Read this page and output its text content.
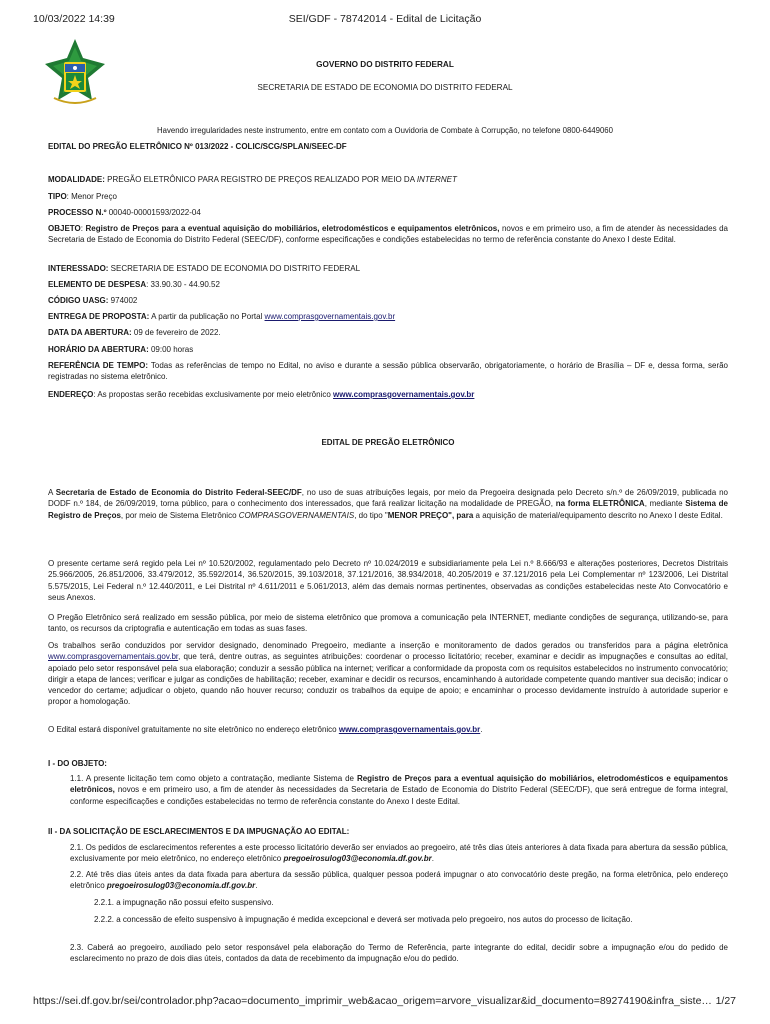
10/03/2022 14:39	SEI/GDF - 78742014 - Edital de Licitação
GOVERNO DO DISTRITO FEDERAL
SECRETARIA DE ESTADO DE ECONOMIA DO DISTRITO FEDERAL
Havendo irregularidades neste instrumento, entre em contato com a Ouvidoria de Combate à Corrupção, no telefone 0800-6449060
EDITAL DO PREGÃO ELETRÔNICO Nº 013/2022 - COLIC/SCG/SPLAN/SEEC-DF
MODALIDADE: PREGÃO ELETRÔNICO PARA REGISTRO DE PREÇOS REALIZADO POR MEIO DA INTERNET
TIPO: Menor Preço
PROCESSO N.º 00040-00001593/2022-04
OBJETO: Registro de Preços para a eventual aquisição do mobiliários, eletrodomésticos e equipamentos eletrônicos, novos e em primeiro uso, a fim de atender às necessidades da Secretaria de Estado de Economia do Distrito Federal (SEEC/DF), conforme especificações e condições estabelecidas no termo de referência constante do Anexo I deste Edital.
INTERESSADO: SECRETARIA DE ESTADO DE ECONOMIA DO DISTRITO FEDERAL
ELEMENTO DE DESPESA: 33.90.30 - 44.90.52
CÓDIGO UASG: 974002
ENTREGA DE PROPOSTA: A partir da publicação no Portal www.comprasgovernamentais.gov.br
DATA DA ABERTURA: 09 de fevereiro de 2022.
HORÁRIO DA ABERTURA: 09:00 horas
REFERÊNCIA DE TEMPO: Todas as referências de tempo no Edital, no aviso e durante a sessão pública observarão, obrigatoriamente, o horário de Brasília – DF e, dessa forma, serão registradas no sistema eletrônico.
ENDEREÇO: As propostas serão recebidas exclusivamente por meio eletrônico www.comprasgovernamentais.gov.br
EDITAL DE PREGÃO ELETRÔNICO
A Secretaria de Estado de Economia do Distrito Federal-SEEC/DF, no uso de suas atribuições legais, por meio da Pregoeira designada pelo Decreto s/n.º de 26/09/2019, publicada no DODF n.º 184, de 26/09/2019, torna público, para o conhecimento dos interessados, que fará realizar licitação na modalidade de PREGÃO, na forma ELETRÔNICA, mediante Sistema de Registro de Preços, por meio de Sistema Eletrônico COMPRASGOVERNAMENTAIS, do tipo "MENOR PREÇO", para a aquisição de material/equipamento descrito no Anexo I deste Edital.
O presente certame será regido pela Lei nº 10.520/2002, regulamentado pelo Decreto nº 10.024/2019 e subsidiariamente pela Lei n.º 8.666/93 e alterações posteriores, Decretos Distritais 25.966/2005, 26.851/2006, 33.479/2012, 35.592/2014, 36.520/2015, 39.103/2018, 37.121/2016, 38.934/2018, 40.205/2019 e 37.121/2016 pela Lei Complementar nº 123/2006, Lei Distrital 5.575/2015, Lei Federal n.º 12.440/2011, e Lei Distrital nº 4.611/2011 e 5.061/2013, além das demais normas pertinentes, observadas as condições estabelecidas neste Ato Convocatório e seus Anexos.
O Pregão Eletrônico será realizado em sessão pública, por meio de sistema eletrônico que promova a comunicação pela INTERNET, mediante condições de segurança, utilizando-se, para tanto, os recursos da criptografia e autenticação em todas as suas fases.
Os trabalhos serão conduzidos por servidor designado, denominado Pregoeiro, mediante a inserção e monitoramento de dados gerados ou transferidos para a página eletrônica www.comprasgovernamentais.gov.br, que terá, dentre outras, as seguintes atribuições: coordenar o processo licitatório; receber, examinar e decidir as impugnações e consultas ao edital, apoiado pelo setor responsável pela sua elaboração; conduzir a sessão pública na internet; verificar a conformidade da proposta com os requisitos estabelecidos no instrumento convocatório; dirigir a etapa de lances; verificar e julgar as condições de habilitação; receber, examinar e decidir os recursos, encaminhando à autoridade competente quando mantiver sua decisão; indicar o vencedor do certame; adjudicar o objeto, quando não houver recurso; conduzir os trabalhos da equipe de apoio; e encaminhar o processo devidamente instruído à autoridade superior e propor a homologação.
O Edital estará disponível gratuitamente no site eletrônico no endereço eletrônico www.comprasgovernamentais.gov.br.
I - DO OBJETO:
1.1. A presente licitação tem como objeto a contratação, mediante Sistema de Registro de Preços para a eventual aquisição do mobiliários, eletrodomésticos e equipamentos eletrônicos, novos e em primeiro uso, a fim de atender às necessidades da Secretaria de Estado de Economia do Distrito Federal (SEEC/DF), que será entregue de forma integral, conforme especificações e condições estabelecidas no termo de referência constante do Anexo I deste Edital.
II - DA SOLICITAÇÃO DE ESCLARECIMENTOS E DA IMPUGNAÇÃO AO EDITAL:
2.1. Os pedidos de esclarecimentos referentes a este processo licitatório deverão ser enviados ao pregoeiro, até três dias úteis anteriores à data fixada para abertura da sessão pública, exclusivamente por meio eletrônico, no endereço eletrônico pregoeirosulog03@economia.df.gov.br.
2.2. Até três dias úteis antes da data fixada para abertura da sessão pública, qualquer pessoa poderá impugnar o ato convocatório deste pregão, na forma eletrônica, pelo endereço eletrônico pregoeirosulog03@economia.df.gov.br.
2.2.1. a impugnação não possui efeito suspensivo.
2.2.2. a concessão de efeito suspensivo à impugnação é medida excepcional e deverá ser motivada pelo pregoeiro, nos autos do processo de licitação.
2.3. Caberá ao pregoeiro, auxiliado pelo setor responsável pela elaboração do Termo de Referência, parte integrante do edital, decidir sobre a impugnação e/ou do pedido de esclarecimento no prazo de dois dias úteis, contados da data de recebimento da impugnação e/ou do pedido.
https://sei.df.gov.br/sei/controlador.php?acao=documento_imprimir_web&acao_origem=arvore_visualizar&id_documento=89274190&infra_siste… 1/27
